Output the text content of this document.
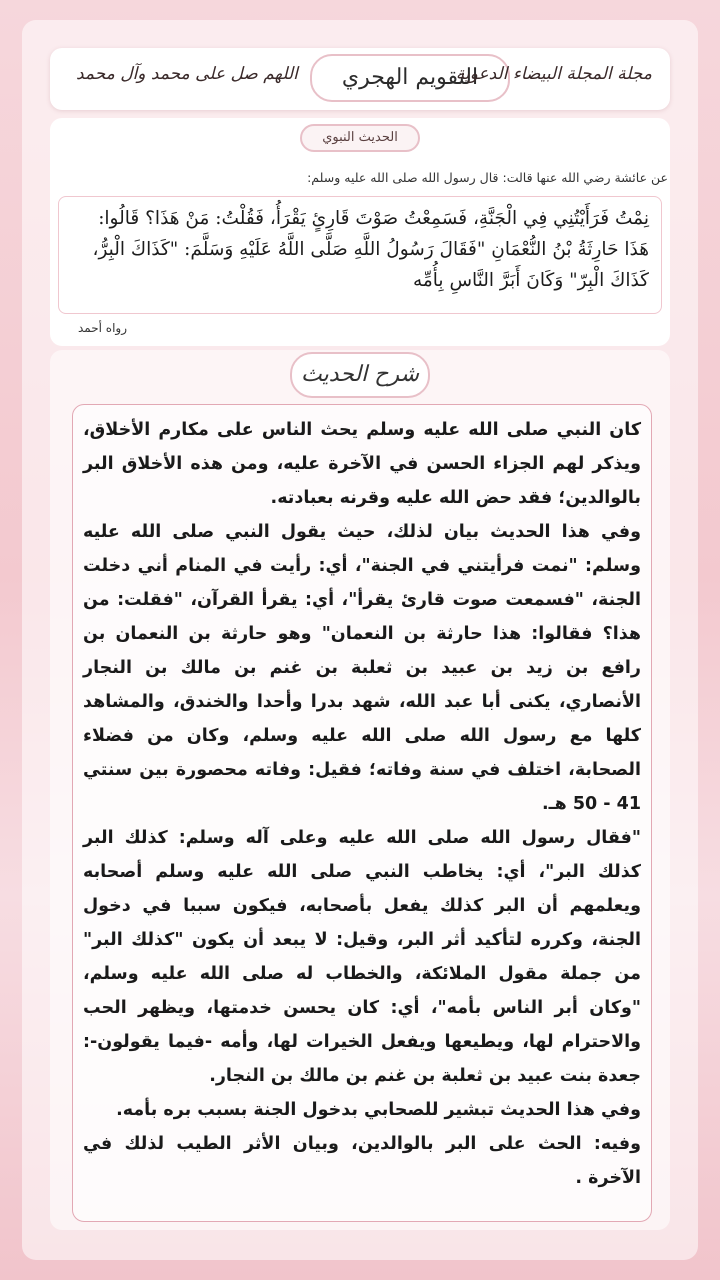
اللهم صل على محمد وآل محمد	التقويم الهجري
مجلة المجلة البيضاء الدعوية
الحديث النبوي
عن عائشة رضي الله عنها قالت: قال رسول الله صلى الله عليه وسلم:
نِمْتُ فَرَأَيْتُنِي فِي الْجَنَّةِ، فَسَمِعْتُ صَوْتَ قَارِئٍ يَقْرَأُ، فَقُلْتُ: مَنْ هَذَا؟ قَالُوا: هَذَا حَارِثَةُ بْنُ النُّعْمَانِ "فَقَالَ رَسُولُ اللَّهِ صَلَّى اللَّهُ عَلَيْهِ وَسَلَّمَ: "كَذَاكَ الْبِرُّ، كَذَاكَ الْبِرّ" وَكَانَ أَبَرَّ النَّاسِ بِأُمِّه
رواه أحمد
شرح الحديث

كان النبي صلى الله عليه وسلم يحث الناس على مكارم الأخلاق، ويذكر لهم الجزاء الحسن في الآخرة عليه، ومن هذه الأخلاق البر بالوالدين؛ فقد حض الله عليه وقرنه بعبادته.

وفي هذا الحديث بيان لذلك، حيث يقول النبي صلى الله عليه وسلم: "نمت فرأيتني في الجنة"، أي: رأيت في المنام أني دخلت الجنة، "فسمعت صوت قارئ يقرأ"، أي: يقرأ القرآن، "فقلت: من هذا؟ فقالوا: هذا حارثة بن النعمان" وهو حارثة بن النعمان بن رافع بن زيد بن عبيد بن ثعلبة بن غنم بن مالك بن النجار الأنصاري، يكنى أبا عبد الله، شهد بدرا وأحدا والخندق، والمشاهد كلها مع رسول الله صلى الله عليه وسلم، وكان من فضلاء الصحابة، اختلف في سنة وفاته؛ فقيل: وفاته محصورة بين سنتي 41 - 50 هـ.

"فقال رسول الله صلى الله عليه وعلى آله وسلم: كذلك البر كذلك البر"، أي: يخاطب النبي صلى الله عليه وسلم أصحابه ويعلمهم أن البر كذلك يفعل بأصحابه، فيكون سببا في دخول الجنة، وكرره لتأكيد أثر البر، وقيل: لا يبعد أن يكون "كذلك البر" من جملة مقول الملائكة، والخطاب له صلى الله عليه وسلم، "وكان أبر الناس بأمه"، أي: كان يحسن خدمتها، ويظهر الحب والاحترام لها، ويطيعها ويفعل الخيرات لها، وأمه -فيما يقولون-: جعدة بنت عبيد بن ثعلبة بن غنم بن مالك بن النجار.

وفي هذا الحديث تبشير للصحابي بدخول الجنة بسبب بره بأمه.

وفيه: الحث على البر بالوالدين، وبيان الأثر الطيب لذلك في الآخرة .
